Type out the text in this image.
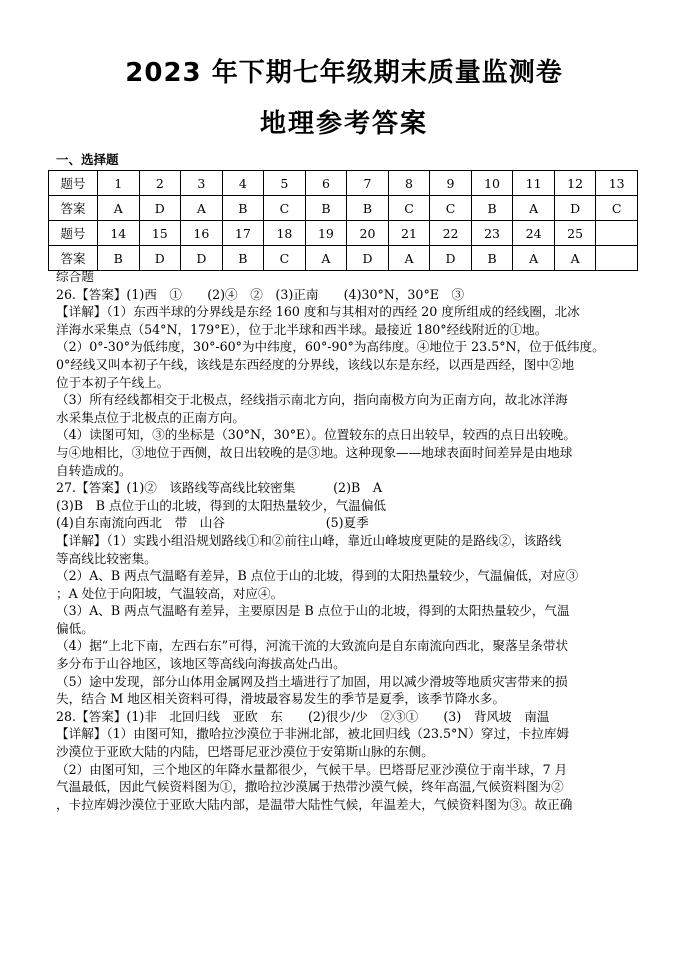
2023 年下期七年级期末质量监测卷
地理参考答案
一、选择题
题号	1	2	3	4	5	6	7	8	9	10	11	12	13
答案	A	D	A	B	C	B	B	C	C	B	A	D	C
题号	14	15	16	17	18	19	20	21	22	23	24	25	
答案	B	D	D	B	C	A	D	A	D	B	A	A	

综合题

26.【答案】(1)西　①　　(2)④　②　(3)正南　　(4)30°N，30°E　③

【详解】（1）东西半球的分界线是东经 160 度和与其相对的西经 20 度所组成的经线圈，北冰

洋海水采集点（54°N，179°E），位于北半球和西半球。最接近 180°经线附近的①地。

（2）0°-30°为低纬度，30°-60°为中纬度，60°-90°为高纬度。④地位于 23.5°N，位于低纬度。

0°经线又叫本初子午线，该线是东西经度的分界线，该线以东是东经，以西是西经，图中②地

位于本初子午线上。

（3）所有经线都相交于北极点，经线指示南北方向，指向南极方向为正南方向，故北冰洋海

水采集点位于北极点的正南方向。

（4）读图可知，③的坐标是（30°N，30°E）。位置较东的点日出较早，较西的点日出较晚。

与④地相比，③地位于西侧，故日出较晚的是③地。这种现象——地球表面时间差异是由地球

自转造成的。

27.【答案】(1)②　该路线等高线比较密集　　　(2)B　A

(3)B　B 点位于山的北坡，得到的太阳热量较少，气温偏低

(4)自东南流向西北　带　山谷　　　　　　　　(5)夏季

【详解】（1）实践小组沿规划路线①和②前往山峰，靠近山峰坡度更陡的是路线②，该路线

等高线比较密集。

（2）A、B 两点气温略有差异，B 点位于山的北坡，得到的太阳热量较少，气温偏低，对应③

；A 处位于向阳坡，气温较高，对应④。

（3）A、B 两点气温略有差异，主要原因是 B 点位于山的北坡，得到的太阳热量较少，气温

偏低。

（4）据“上北下南，左西右东”可得，河流干流的大致流向是自东南流向西北，聚落呈条带状

多分布于山谷地区，该地区等高线向海拔高处凸出。

（5）途中发现，部分山体用金属网及挡土墙进行了加固，用以减少滑坡等地质灾害带来的损

失，结合 M 地区相关资料可得，滑坡最容易发生的季节是夏季，该季节降水多。

28.【答案】(1)非　北回归线　亚欧　东　　(2)很少/少　②③①　　(3)　背风坡　南温

【详解】（1）由图可知，撒哈拉沙漠位于非洲北部，被北回归线（23.5°N）穿过，卡拉库姆

沙漠位于亚欧大陆的内陆，巴塔哥尼亚沙漠位于安第斯山脉的东侧。

（2）由图可知，三个地区的年降水量都很少，气候干旱。巴塔哥尼亚沙漠位于南半球，7 月

气温最低，因此气候资料图为①，撒哈拉沙漠属于热带沙漠气候，终年高温,气候资料图为②

，卡拉库姆沙漠位于亚欧大陆内部，是温带大陆性气候，年温差大，气候资料图为③。故正确
